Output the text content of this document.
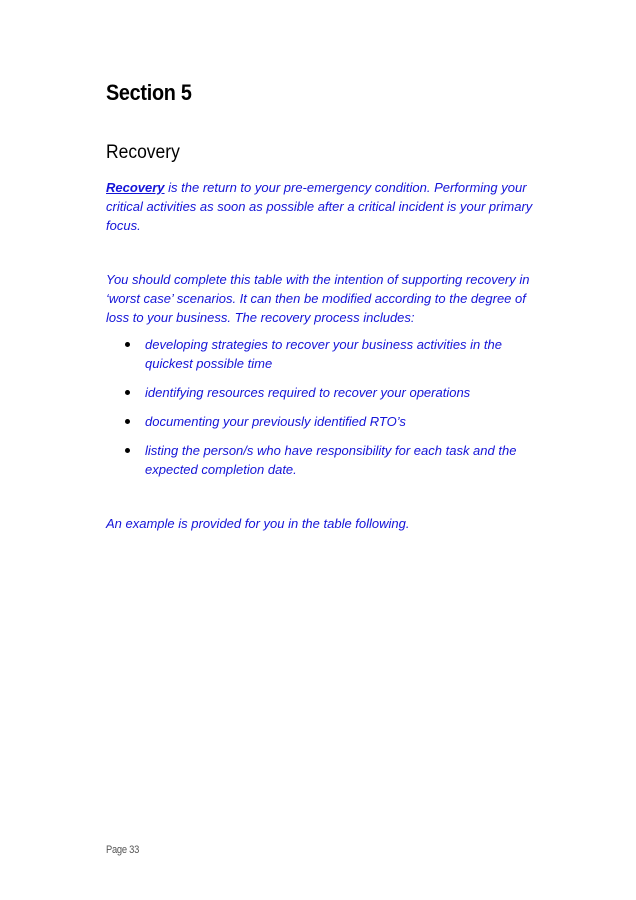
Section 5
Recovery

Recovery is the return to your pre-emergency condition. Performing your critical activities as soon as possible after a critical incident is your primary focus.

You should complete this table with the intention of supporting recovery in ‘worst case’ scenarios. It can then be modified according to the degree of loss to your business. The recovery process includes:

developing strategies to recover your business activities in the quickest possible time
identifying resources required to recover your operations
documenting your previously identified RTO’s
listing the person/s who have responsibility for each task and the expected completion date.

An example is provided for you in the table following.

Page 33
